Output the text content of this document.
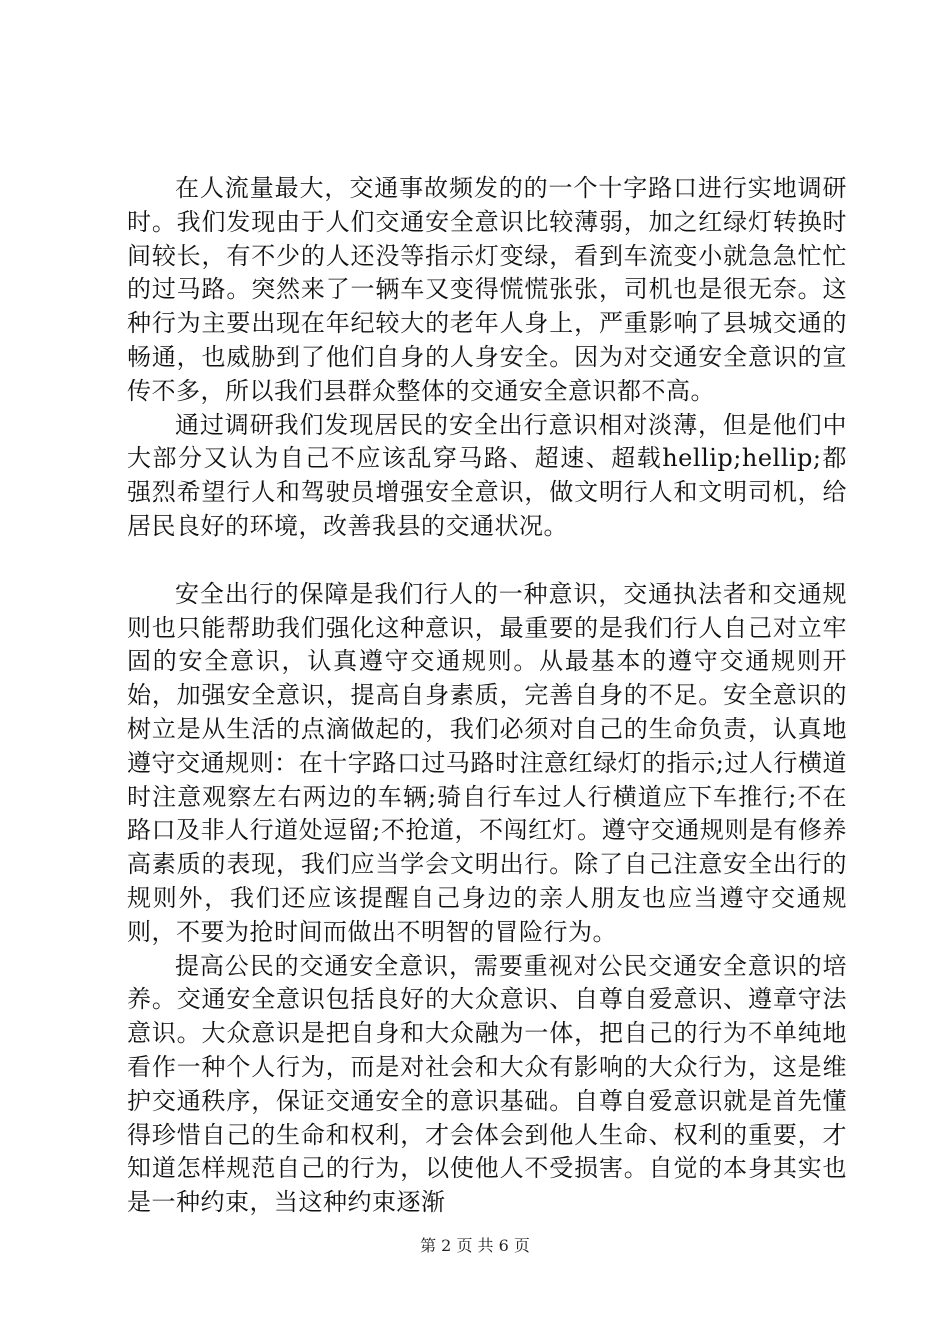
在人流量最大，交通事故频发的的一个十字路口进行实地调研时。我们发现由于人们交通安全意识比较薄弱，加之红绿灯转换时间较长，有不少的人还没等指示灯变绿，看到车流变小就急急忙忙的过马路。突然来了一辆车又变得慌慌张张，司机也是很无奈。这种行为主要出现在年纪较大的老年人身上，严重影响了县城交通的畅通，也威胁到了他们自身的人身安全。因为对交通安全意识的宣传不多，所以我们县群众整体的交通安全意识都不高。

通过调研我们发现居民的安全出行意识相对淡薄，但是他们中大部分又认为自己不应该乱穿马路、超速、超载hellip;hellip;都强烈希望行人和驾驶员增强安全意识，做文明行人和文明司机，给居民良好的环境，改善我县的交通状况。

安全出行的保障是我们行人的一种意识，交通执法者和交通规则也只能帮助我们强化这种意识，最重要的是我们行人自己对立牢固的安全意识，认真遵守交通规则。从最基本的遵守交通规则开始，加强安全意识，提高自身素质，完善自身的不足。安全意识的树立是从生活的点滴做起的，我们必须对自己的生命负责，认真地遵守交通规则：在十字路口过马路时注意红绿灯的指示;过人行横道时注意观察左右两边的车辆;骑自行车过人行横道应下车推行;不在路口及非人行道处逗留;不抢道，不闯红灯。遵守交通规则是有修养高素质的表现，我们应当学会文明出行。除了自己注意安全出行的规则外，我们还应该提醒自己身边的亲人朋友也应当遵守交通规则，不要为抢时间而做出不明智的冒险行为。

提高公民的交通安全意识，需要重视对公民交通安全意识的培养。交通安全意识包括良好的大众意识、自尊自爱意识、遵章守法意识。大众意识是把自身和大众融为一体，把自己的行为不单纯地看作一种个人行为，而是对社会和大众有影响的大众行为，这是维护交通秩序，保证交通安全的意识基础。自尊自爱意识就是首先懂得珍惜自己的生命和权利，才会体会到他人生命、权利的重要，才知道怎样规范自己的行为，以使他人不受损害。自觉的本身其实也是一种约束，当这种约束逐渐

第 2 页 共 6 页
